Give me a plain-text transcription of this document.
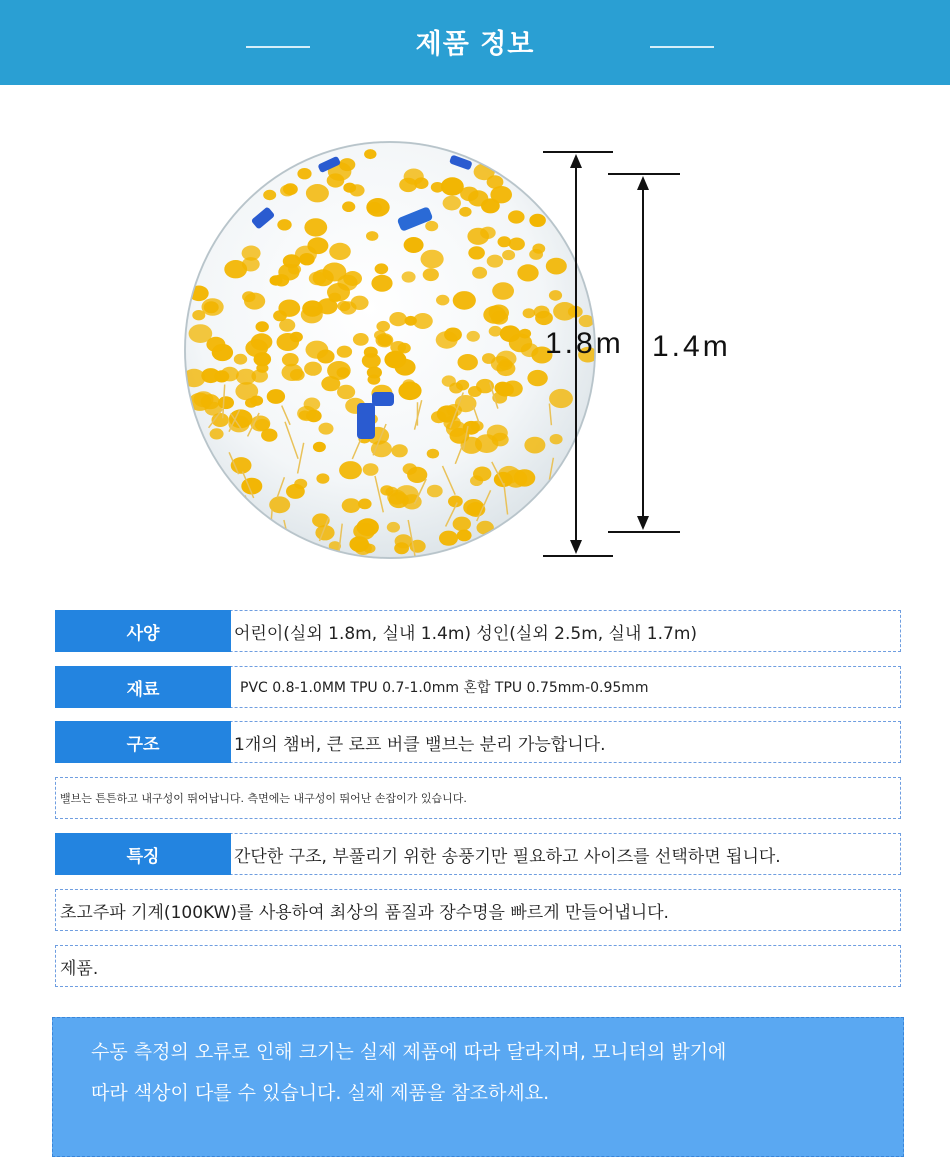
제품 정보
1.8m 1.4m
사양	어린이(실외 1.8m, 실내 1.4m) 성인(실외 2.5m, 실내 1.7m)
재료	PVC 0.8-1.0MM TPU 0.7-1.0mm 혼합 TPU 0.75mm-0.95mm
구조	1개의 챔버, 큰 로프 버클 밸브는 분리 가능합니다.
밸브는 튼튼하고 내구성이 뛰어납니다. 측면에는 내구성이 뛰어난 손잡이가 있습니다.
특징	간단한 구조, 부풀리기 위한 송풍기만 필요하고 사이즈를 선택하면 됩니다.
초고주파 기계(100KW)를 사용하여 최상의 품질과 장수명을 빠르게 만들어냅니다.
제품.
수동 측정의 오류로 인해 크기는 실제 제품에 따라 달라지며, 모니터의 밝기에
따라 색상이 다를 수 있습니다. 실제 제품을 참조하세요.
